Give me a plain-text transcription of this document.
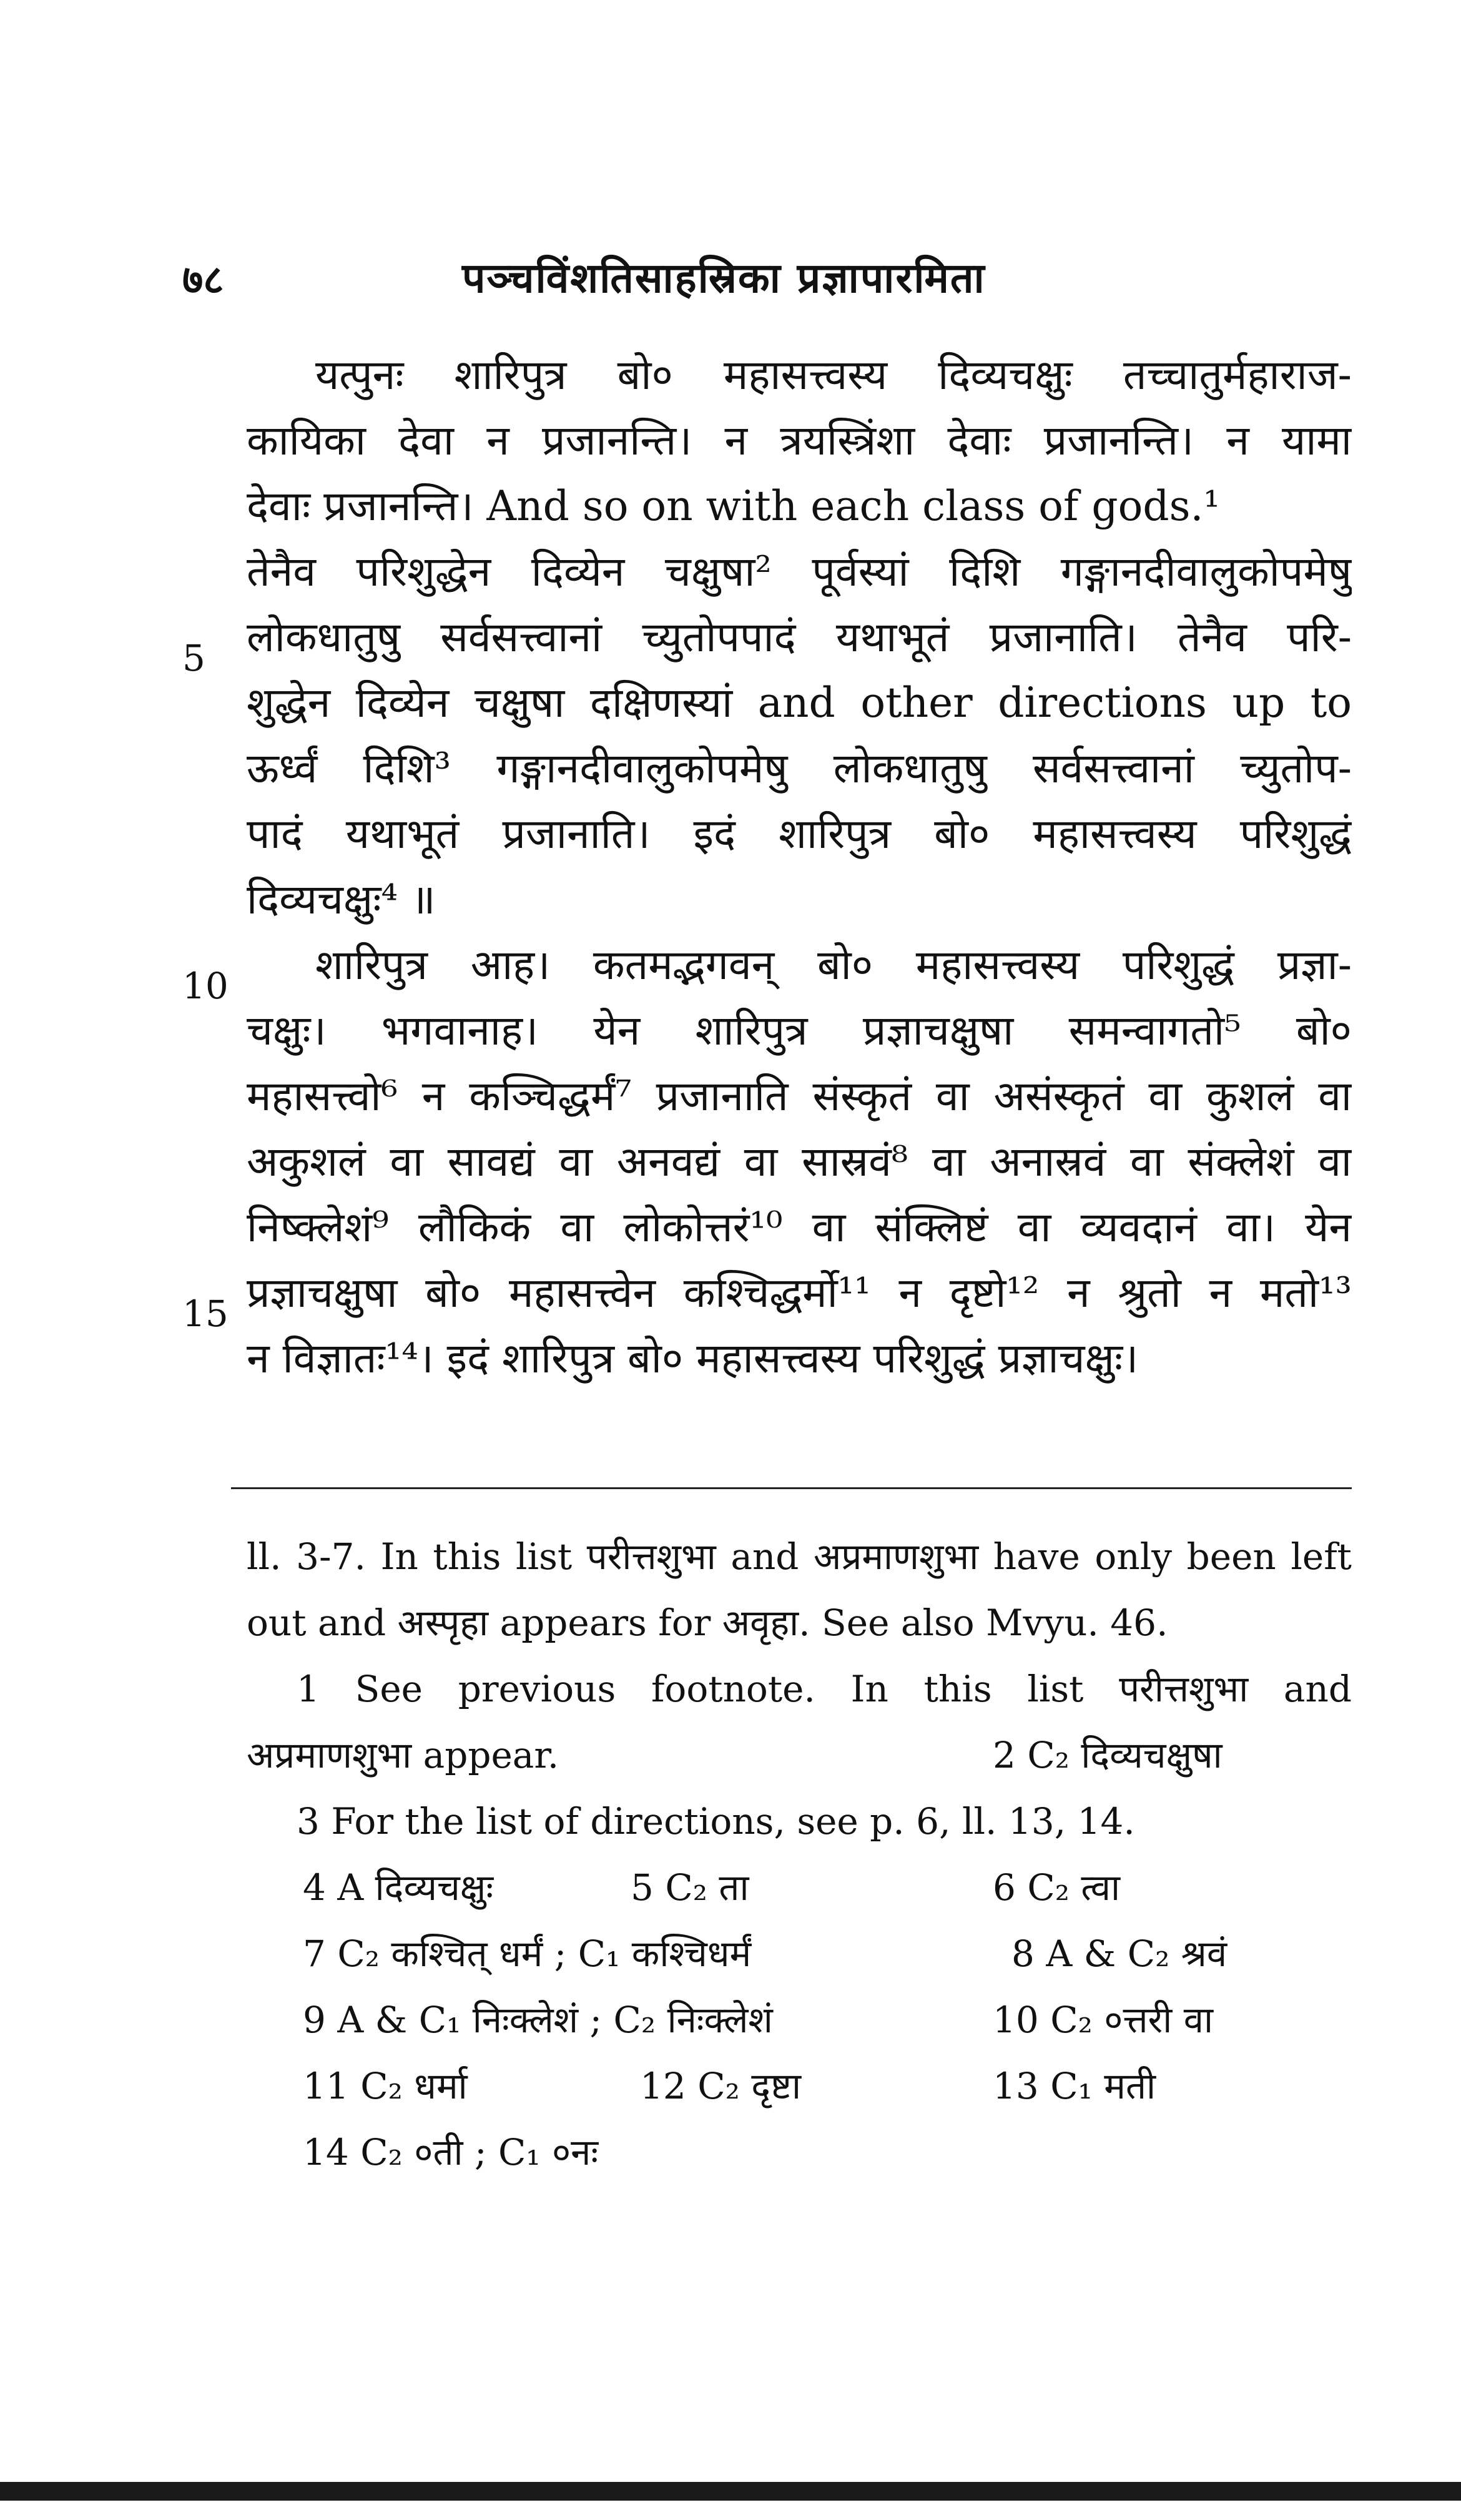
७८	पञ्चविंशतिसाहस्रिका प्रज्ञापारमिता
5
10
15
यत्पुनः शारिपुत्र बो० महासत्त्वस्य दिव्यचक्षुः तच्चातुर्महाराज-
कायिका देवा न प्रजानन्ति। न त्रयस्त्रिंशा देवाः प्रजानन्ति। न यामा
देवाः प्रजानन्ति। And so on with each class of gods.¹
तेनैव परिशुद्धेन दिव्येन चक्षुषा² पूर्वस्यां दिशि गङ्गानदीवालुकोपमेषु
लोकधातुषु सर्वसत्त्वानां च्युतोपपादं यथाभूतं प्रजानाति। तेनैव परि-
शुद्धेन दिव्येन चक्षुषा दक्षिणस्यां and other directions up to
ऊर्ध्वं दिशि³ गङ्गानदीवालुकोपमेषु लोकधातुषु सर्वसत्त्वानां च्युतोप-
पादं यथाभूतं प्रजानाति। इदं शारिपुत्र बो० महासत्त्वस्य परिशुद्धं
दिव्यचक्षुः⁴ ॥
शारिपुत्र आह। कतमद्भगवन् बो० महासत्त्वस्य परिशुद्धं प्रज्ञा-
चक्षुः। भगवानाह। येन शारिपुत्र प्रज्ञाचक्षुषा समन्वागतो⁵ बो०
महासत्त्वो⁶ न कञ्चिद्धर्मं⁷ प्रजानाति संस्कृतं वा असंस्कृतं वा कुशलं वा
अकुशलं वा सावद्यं वा अनवद्यं वा सास्रवं⁸ वा अनास्रवं वा संक्लेशं वा
निष्क्लेशं⁹ लौकिकं वा लोकोत्तरं¹⁰ वा संक्लिष्टं वा व्यवदानं वा। येन
प्रज्ञाचक्षुषा बो० महासत्त्वेन कश्चिद्धर्मो¹¹ न दृष्टो¹² न श्रुतो न मतो¹³
न विज्ञातः¹⁴। इदं शारिपुत्र बो० महासत्त्वस्य परिशुद्धं प्रज्ञाचक्षुः।
ll. 3-7. In this list परीत्तशुभा and अप्रमाणशुभा have only been left
out and अस्पृहा appears for अवृहा. See also Mvyu. 46.
1 See previous footnote. In this list परीत्तशुभा and
अप्रमाणशुभा appear.	2 C₂ दिव्यचक्षुषा
3 For the list of directions, see p. 6, ll. 13, 14.
4 A दिव्यचक्षुः	5 C₂ ता	6 C₂ त्वा
7 C₂ कश्चित् धर्मं ; C₁ कश्चिधर्मं	8 A & C₂ श्रवं
9 A & C₁ निःक्लेशं ; C₂ निःक्लेशं	10 C₂ ०त्तरी वा
11 C₂ धर्मा	12 C₂ दृष्टा	13 C₁ मती
14 C₂ ०ती ; C₁ ०नः
